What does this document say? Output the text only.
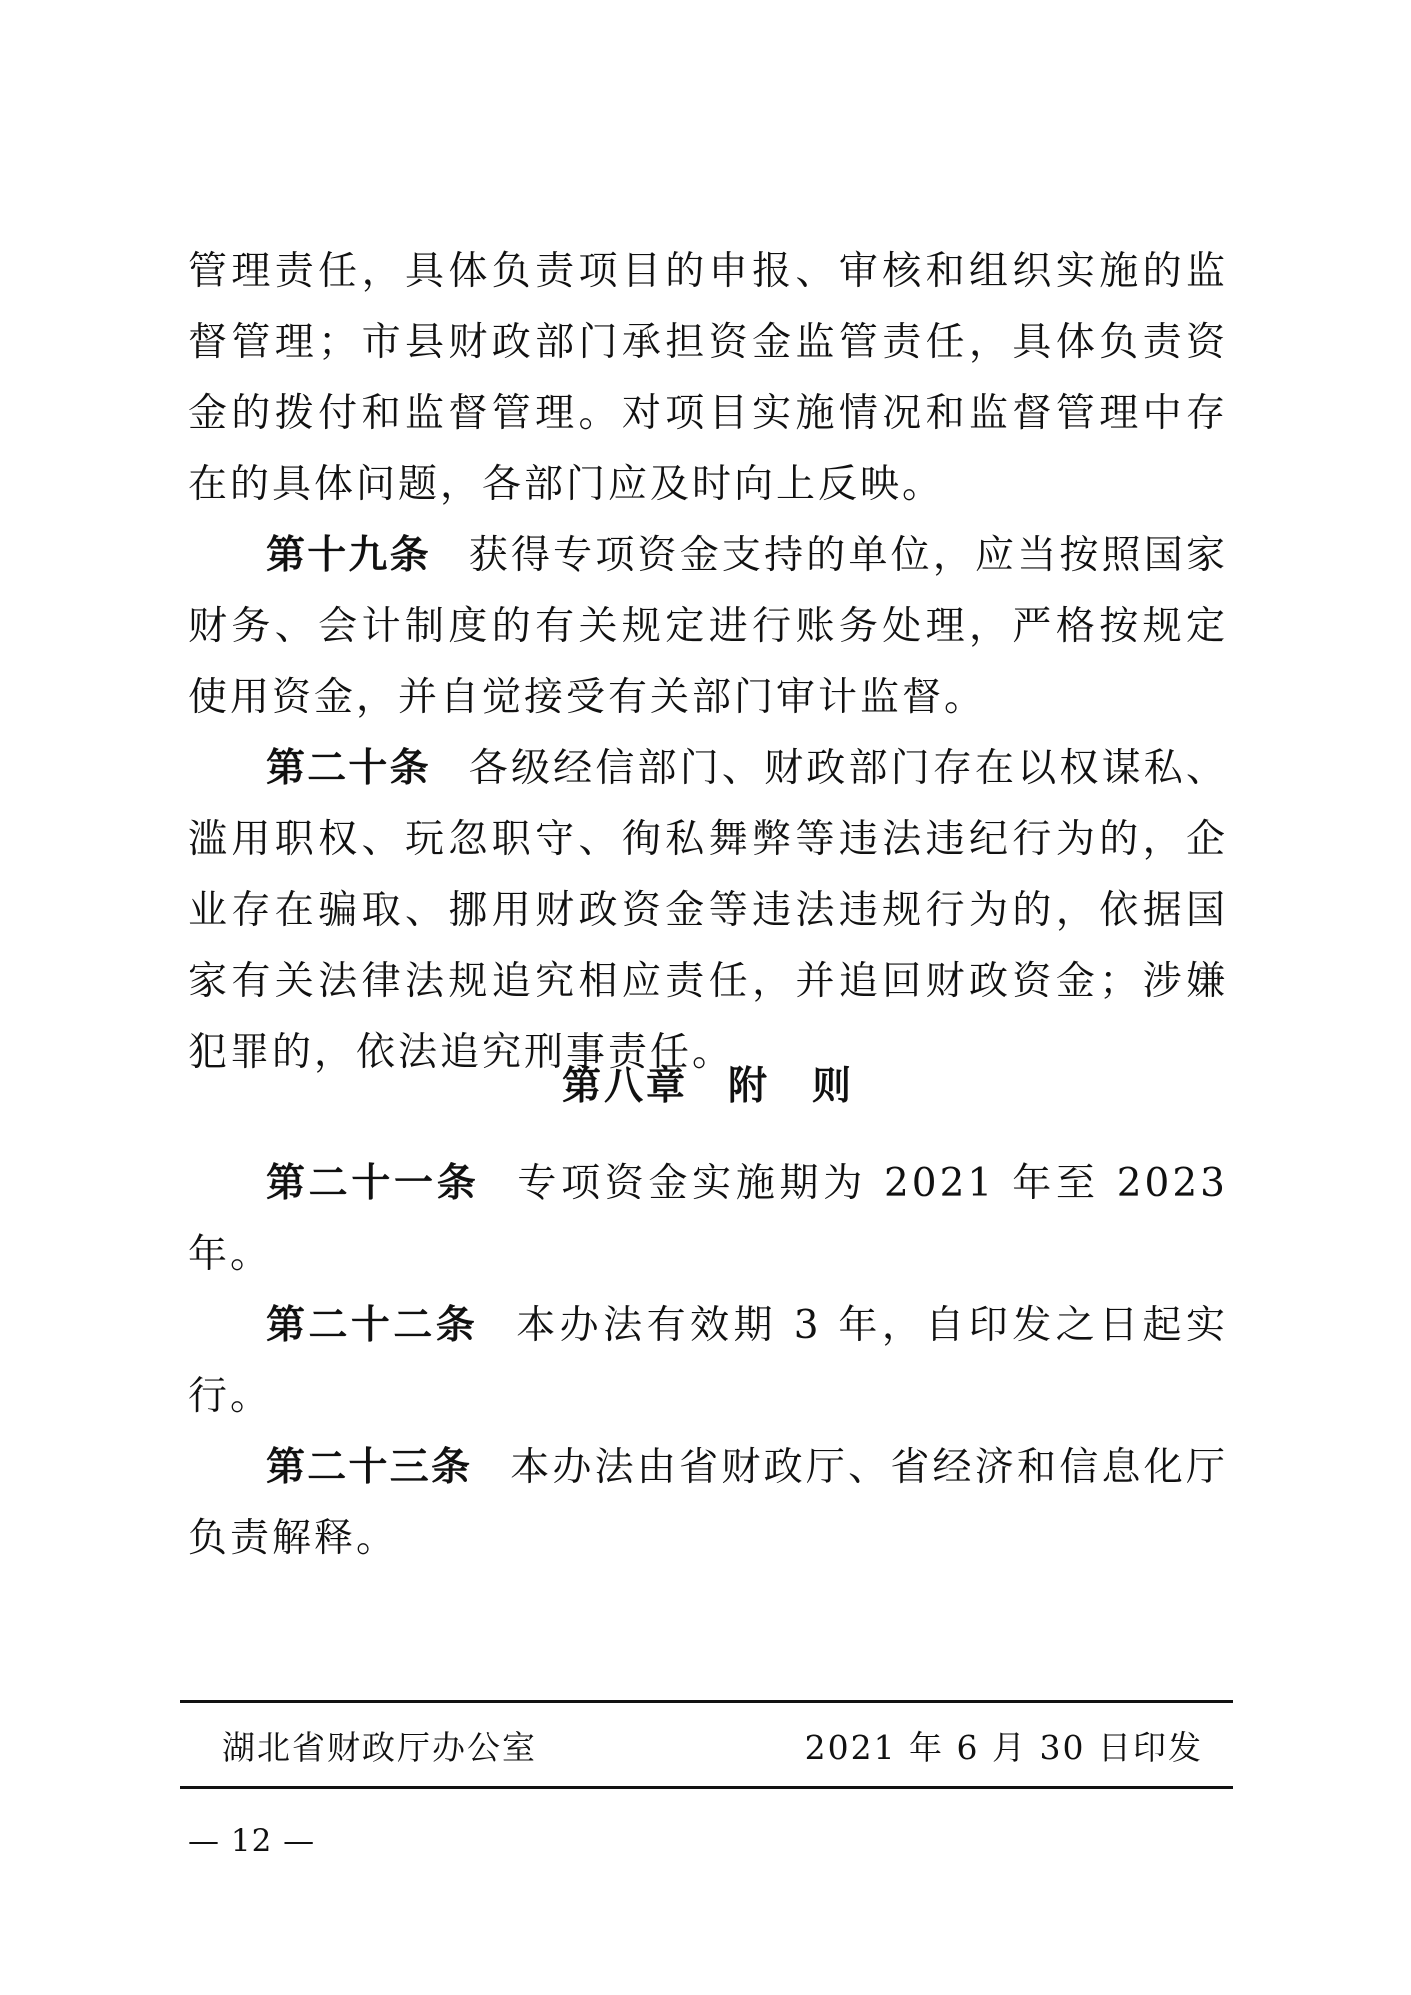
管理责任，具体负责项目的申报、审核和组织实施的监督管理；市县财政部门承担资金监管责任，具体负责资金的拨付和监督管理。对项目实施情况和监督管理中存在的具体问题，各部门应及时向上反映。

第十九条 获得专项资金支持的单位，应当按照国家财务、会计制度的有关规定进行账务处理，严格按规定使用资金，并自觉接受有关部门审计监督。

第二十条 各级经信部门、财政部门存在以权谋私、滥用职权、玩忽职守、徇私舞弊等违法违纪行为的，企业存在骗取、挪用财政资金等违法违规行为的，依据国家有关法律法规追究相应责任，并追回财政资金；涉嫌犯罪的，依法追究刑事责任。

第八章 附　则

第二十一条 专项资金实施期为 2021 年至 2023 年。

第二十二条 本办法有效期 3 年，自印发之日起实行。

第二十三条 本办法由省财政厅、省经济和信息化厅负责解释。

湖北省财政厅办公室	2021 年 6 月 30 日印发
— 12 —
